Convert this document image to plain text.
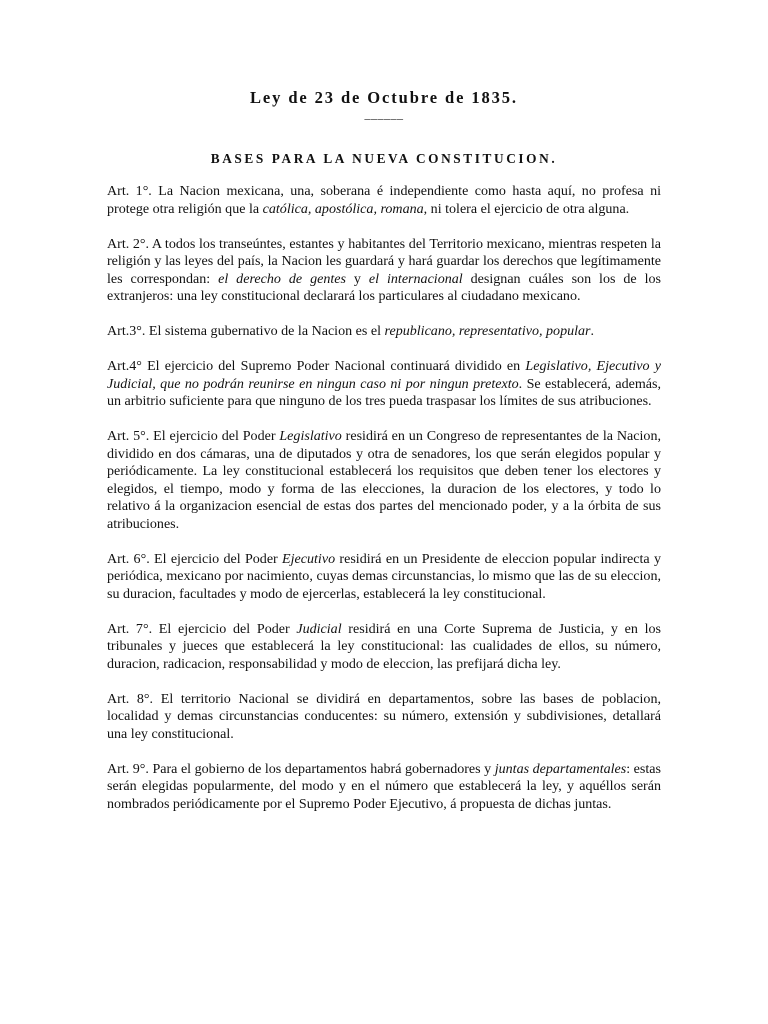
Ley de 23 de Octubre de 1835.
______
BASES PARA LA NUEVA CONSTITUCION.

Art. 1°. La Nacion mexicana, una, soberana é independiente como hasta aquí, no profesa ni protege otra religión que la católica, apostólica, romana, ni tolera el ejercicio de otra alguna.

Art. 2°. A todos los transeúntes, estantes y habitantes del Territorio mexicano, mientras respeten la religión y las leyes del país, la Nacion les guardará y hará guardar los derechos que legítimamente les correspondan: el derecho de gentes y el internacional designan cuáles son los de los extranjeros: una ley constitucional declarará los particulares al ciudadano mexicano.

Art.3°. El sistema gubernativo de la Nacion es el republicano, representativo, popular.

Art.4° El ejercicio del Supremo Poder Nacional continuará dividido en Legislativo, Ejecutivo y Judicial, que no podrán reunirse en ningun caso ni por ningun pretexto. Se establecerá, además, un arbitrio suficiente para que ninguno de los tres pueda traspasar los límites de sus atribuciones.

Art. 5°. El ejercicio del Poder Legislativo residirá en un Congreso de representantes de la Nacion, dividido en dos cámaras, una de diputados y otra de senadores, los que serán elegidos popular y periódicamente. La ley constitucional establecerá los requisitos que deben tener los electores y elegidos, el tiempo, modo y forma de las elecciones, la duracion de los electores, y todo lo relativo á la organizacion esencial de estas dos partes del mencionado poder, y a la órbita de sus atribuciones.

Art. 6°. El ejercicio del Poder Ejecutivo residirá en un Presidente de eleccion popular indirecta y periódica, mexicano por nacimiento, cuyas demas circunstancias, lo mismo que las de su eleccion, su duracion, facultades y modo de ejercerlas, establecerá la ley constitucional.

Art. 7°. El ejercicio del Poder Judicial residirá en una Corte Suprema de Justicia, y en los tribunales y jueces que establecerá la ley constitucional: las cualidades de ellos, su número, duracion, radicacion, responsabilidad y modo de eleccion, las prefijará dicha ley.

Art. 8°. El territorio Nacional se dividirá en departamentos, sobre las bases de poblacion, localidad y demas circunstancias conducentes: su número, extensión y subdivisiones, detallará una ley constitucional.

Art. 9°. Para el gobierno de los departamentos habrá gobernadores y juntas departamentales: estas serán elegidas popularmente, del modo y en el número que establecerá la ley, y aquéllos serán nombrados periódicamente por el Supremo Poder Ejecutivo, á propuesta de dichas juntas.
